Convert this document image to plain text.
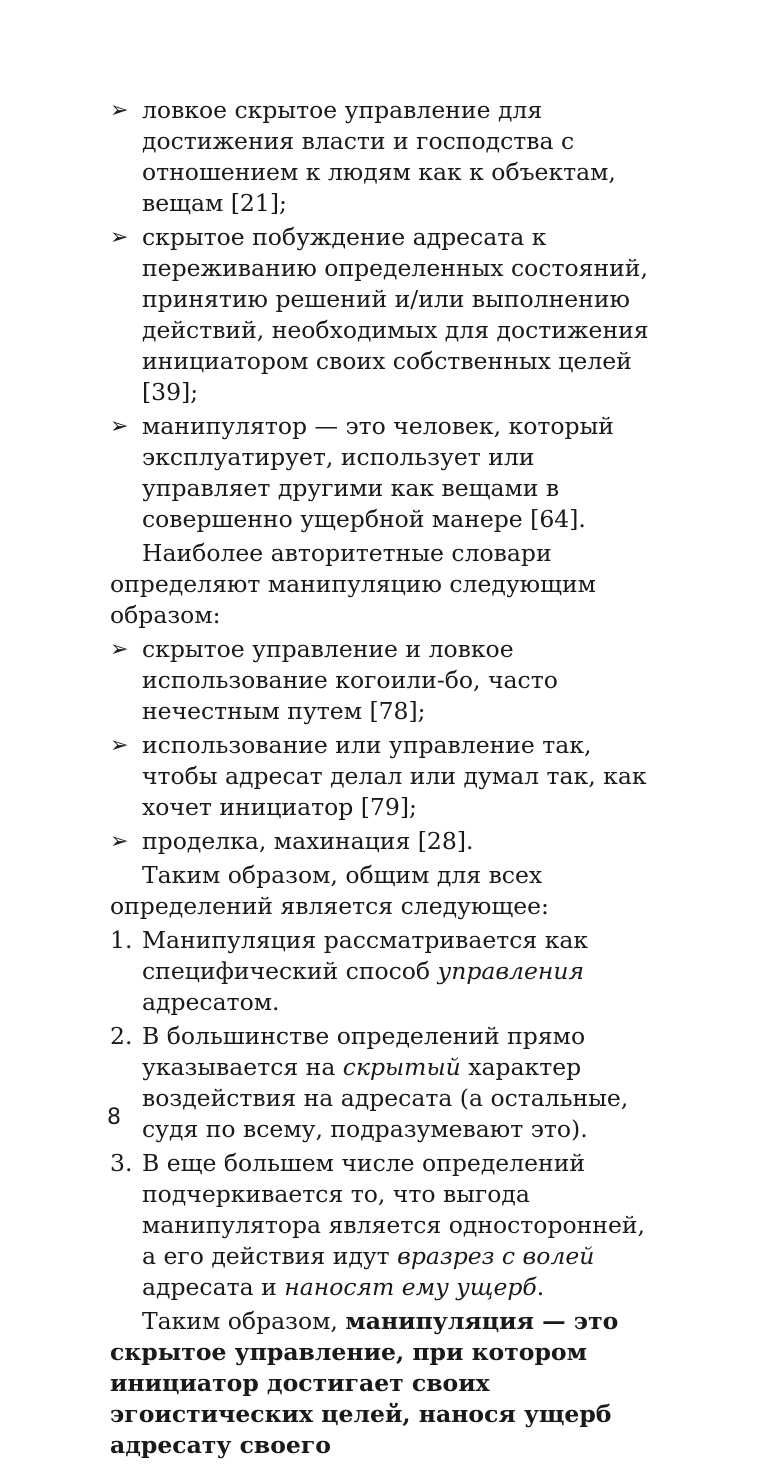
➢ ловкое скрытое управление для достижения власти и господства с отношением к людям как к объектам, вещам [21];
➢ скрытое побуждение адресата к переживанию определенных состояний, принятию решений и/или выполнению действий, необходимых для достижения инициатором своих собственных целей [39];
➢ манипулятор — это человек, который эксплуатирует, использует или управляет другими как вещами в совершенно ущербной манере [64].

Наиболее авторитетные словари определяют манипуляцию следующим образом:

➢ скрытое управление и ловкое использование когоили-бо, часто нечестным путем [78];
➢ использование или управление так, чтобы адресат делал или думал так, как хочет инициатор [79];
➢ проделка, махинация [28].

Таким образом, общим для всех определений является следующее:

1. Манипуляция рассматривается как специфический способ управления адресатом.
2. В большинстве определений прямо указывается на скрытый характер воздействия на адресата (а остальные, судя по всему, подразумевают это).
3. В еще большем числе определений подчеркивается то, что выгода манипулятора является односторонней, а его действия идут вразрез с волей адресата и наносят ему ущерб.

Таким образом, манипуляция — это скрытое управление, при котором инициатор достигает своих эгоистических целей, нанося ущерб адресату своего

8
